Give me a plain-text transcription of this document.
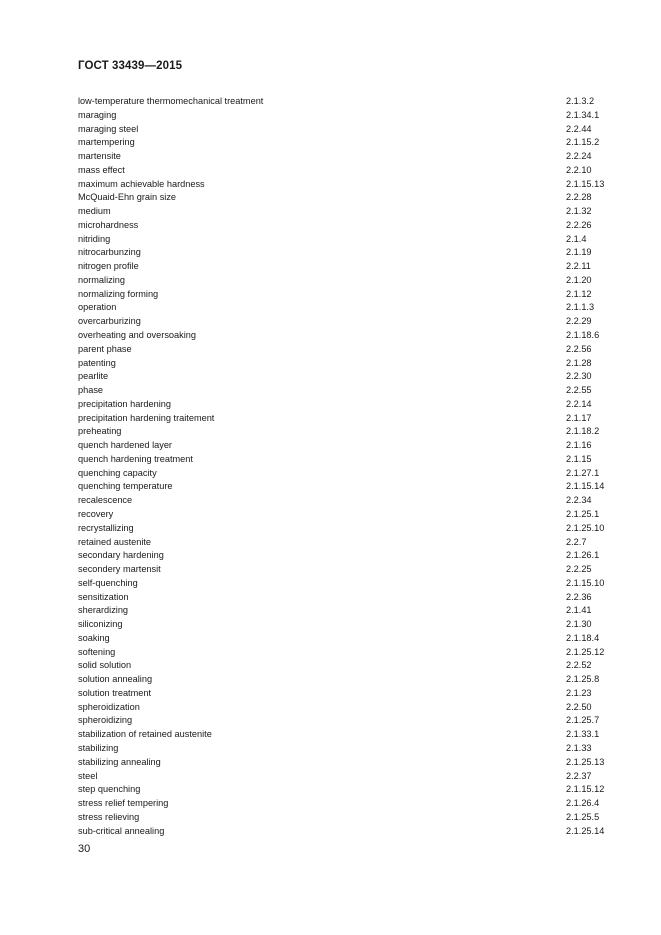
ГОСТ 33439—2015
low-temperature thermomechanical treatment	2.1.3.2
maraging	2.1.34.1
maraging steel	2.2.44
martempering	2.1.15.2
martensite	2.2.24
mass effect	2.2.10
maximum achievable hardness	2.1.15.13
McQuaid-Ehn grain size	2.2.28
medium	2.1.32
microhardness	2.2.26
nitriding	2.1.4
nitrocarbunzing	2.1.19
nitrogen profile	2.2.11
normalizing	2.1.20
normalizing forming	2.1.12
operation	2.1.1.3
overcarburizing	2.2.29
overheating and oversoaking	2.1.18.6
parent phase	2.2.56
patenting	2.1.28
pearlite	2.2.30
phase	2.2.55
precipitation hardening	2.2.14
precipitation hardening traitement	2.1.17
preheating	2.1.18.2
quench hardened layer	2.1.16
quench hardening treatment	2.1.15
quenching capacity	2.1.27.1
quenching temperature	2.1.15.14
recalescence	2.2.34
recovery	2.1.25.1
recrystallizing	2.1.25.10
retained austenite	2.2.7
secondary hardening	2.1.26.1
secondery martensit	2.2.25
self-quenching	2.1.15.10
sensitization	2.2.36
sherardizing	2.1.41
siliconizing	2.1.30
soaking	2.1.18.4
softening	2.1.25.12
solid solution	2.2.52
solution annealing	2.1.25.8
solution treatment	2.1.23
spheroidization	2.2.50
spheroidizing	2.1.25.7
stabilization of retained austenite	2.1.33.1
stabilizing	2.1.33
stabilizing annealing	2.1.25.13
steel	2.2.37
step quenching	2.1.15.12
stress relief tempering	2.1.26.4
stress relieving	2.1.25.5
sub-critical annealing	2.1.25.14
30
